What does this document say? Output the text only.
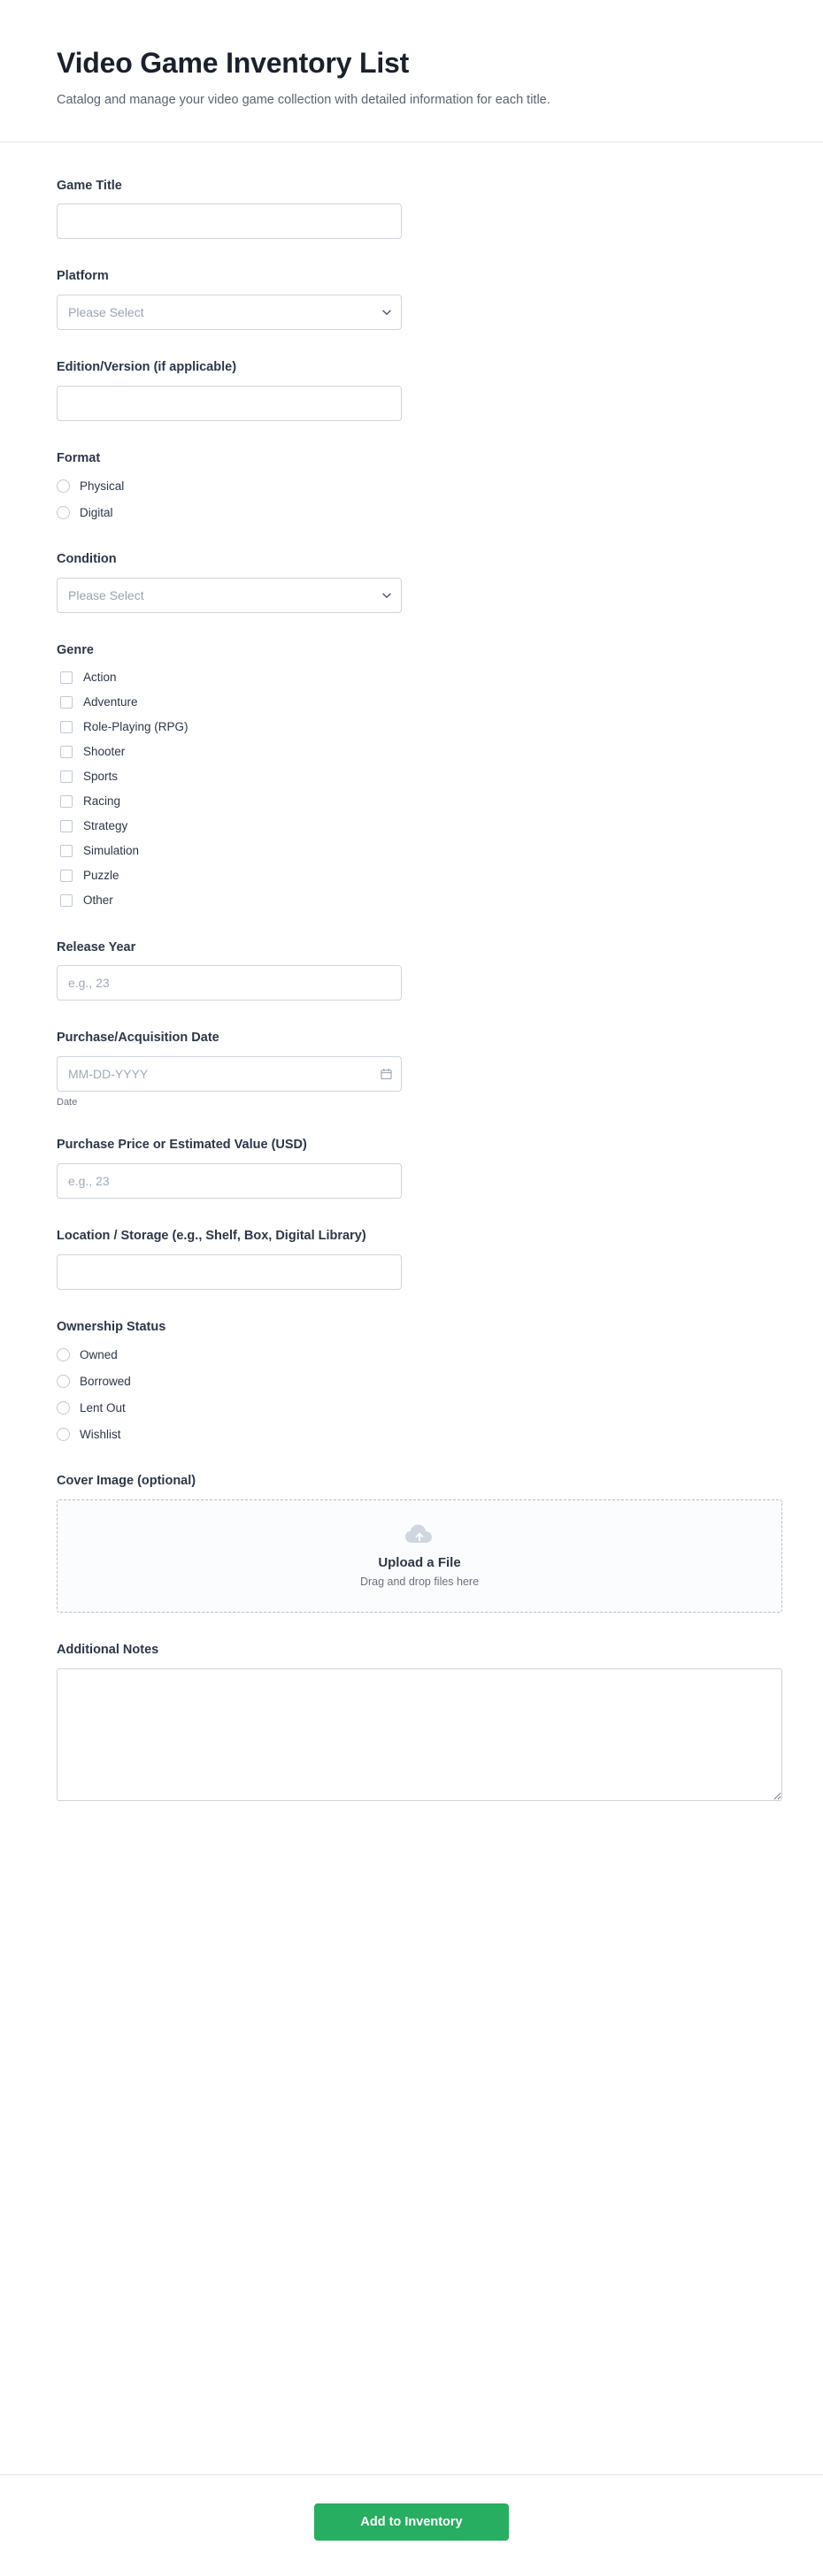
Video Game Inventory List

Catalog and manage your video game collection with detailed information for each title.

Game Title
Platform
Please Select
Edition/Version (if applicable)
Format
Physical
Digital
Condition
Please Select
Genre
Action
Adventure
Role-Playing (RPG)
Shooter
Sports
Racing
Strategy
Simulation
Puzzle
Other
Release Year
e.g., 23
Purchase/Acquisition Date
MM-DD-YYYY
Date
Purchase Price or Estimated Value (USD)
e.g., 23
Location / Storage (e.g., Shelf, Box, Digital Library)
Ownership Status
Owned
Borrowed
Lent Out
Wishlist
Cover Image (optional)
Upload a File
Drag and drop files here
Additional Notes
Add to Inventory
